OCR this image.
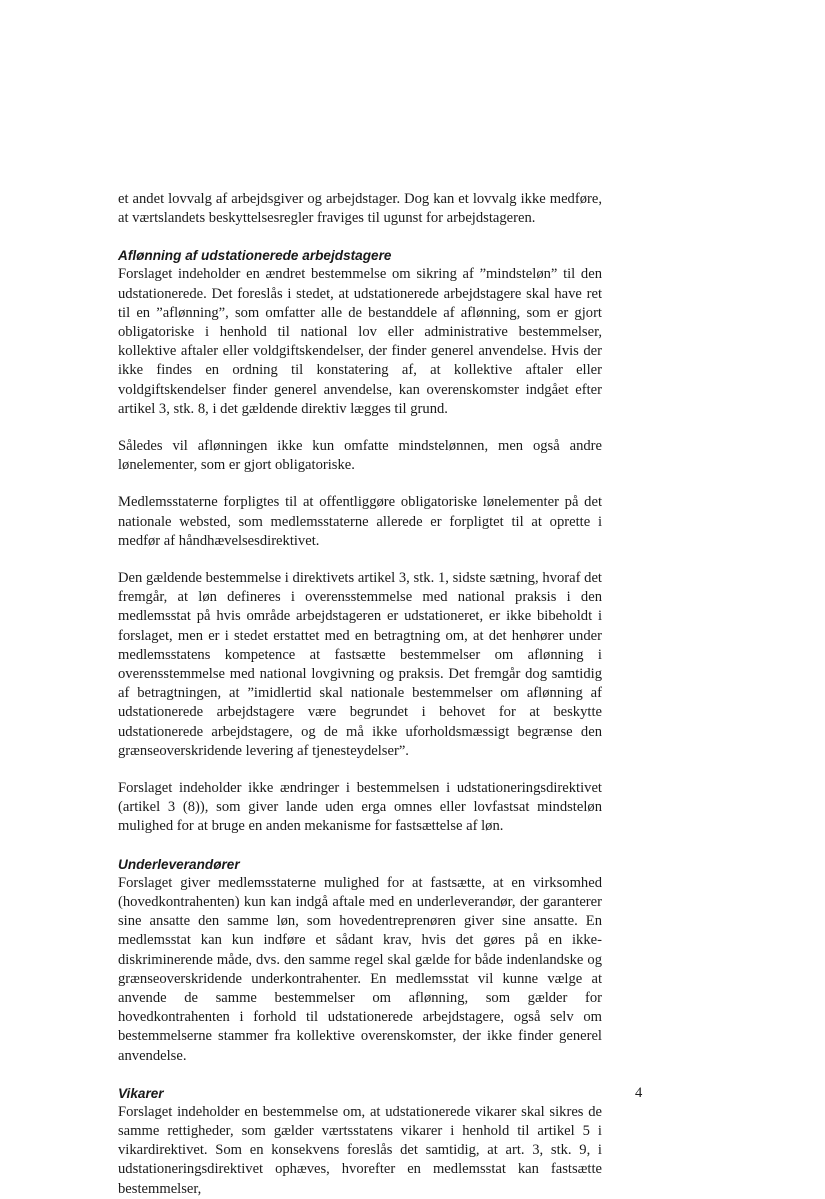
et andet lovvalg af arbejdsgiver og arbejdstager. Dog kan et lovvalg ikke medføre, at værtslandets beskyttelsesregler fraviges til ugunst for arbejdstageren.

Aflønning af udstationerede arbejdstagere

Forslaget indeholder en ændret bestemmelse om sikring af ”mindsteløn” til den udstationerede. Det foreslås i stedet, at udstationerede arbejdstagere skal have ret til en ”aflønning”, som omfatter alle de bestanddele af aflønning, som er gjort obligatoriske i henhold til national lov eller administrative bestemmelser, kollektive aftaler eller voldgiftskendelser, der finder generel anvendelse. Hvis der ikke findes en ordning til konstatering af, at kollektive aftaler eller voldgiftskendelser finder generel anvendelse, kan overenskomster indgået efter artikel 3, stk. 8, i det gældende direktiv lægges til grund.

Således vil aflønningen ikke kun omfatte mindstelønnen, men også andre lønelementer, som er gjort obligatoriske.

Medlemsstaterne forpligtes til at offentliggøre obligatoriske lønelementer på det nationale websted, som medlemsstaterne allerede er forpligtet til at oprette i medfør af håndhævelsesdirektivet.

Den gældende bestemmelse i direktivets artikel 3, stk. 1, sidste sætning, hvoraf det fremgår, at løn defineres i overensstemmelse med national praksis i den medlemsstat på hvis område arbejdstageren er udstationeret, er ikke bibeholdt i forslaget, men er i stedet erstattet med en betragtning om, at det henhører under medlemsstatens kompetence at fastsætte bestemmelser om aflønning i overensstemmelse med national lovgivning og praksis. Det fremgår dog samtidig af betragtningen, at ”imidlertid skal nationale bestemmelser om aflønning af udstationerede arbejdstagere være begrundet i behovet for at beskytte udstationerede arbejdstagere, og de må ikke uforholdsmæssigt begrænse den grænseoverskridende levering af tjenesteydelser”.

Forslaget indeholder ikke ændringer i bestemmelsen i udstationeringsdirektivet (artikel 3 (8)), som giver lande uden erga omnes eller lovfastsat mindsteløn mulighed for at bruge en anden mekanisme for fastsættelse af løn.

Underleverandører

Forslaget giver medlemsstaterne mulighed for at fastsætte, at en virksomhed (hovedkontrahenten) kun kan indgå aftale med en underleverandør, der garanterer sine ansatte den samme løn, som hovedentreprenøren giver sine ansatte. En medlemsstat kan kun indføre et sådant krav, hvis det gøres på en ikke-diskriminerende måde, dvs. den samme regel skal gælde for både indenlandske og grænseoverskridende underkontrahenter. En medlemsstat vil kunne vælge at anvende de samme bestemmelser om aflønning, som gælder for hovedkontrahenten i forhold til udstationerede arbejdstagere, også selv om bestemmelserne stammer fra kollektive overenskomster, der ikke finder generel anvendelse.

Vikarer

Forslaget indeholder en bestemmelse om, at udstationerede vikarer skal sikres de samme rettigheder, som gælder værtsstatens vikarer i henhold til artikel 5 i vikardirektivet. Som en konsekvens foreslås det samtidig, at art. 3, stk. 9, i udstationeringsdirektivet ophæves, hvorefter en medlemsstat kan fastsætte bestemmelser,

4
